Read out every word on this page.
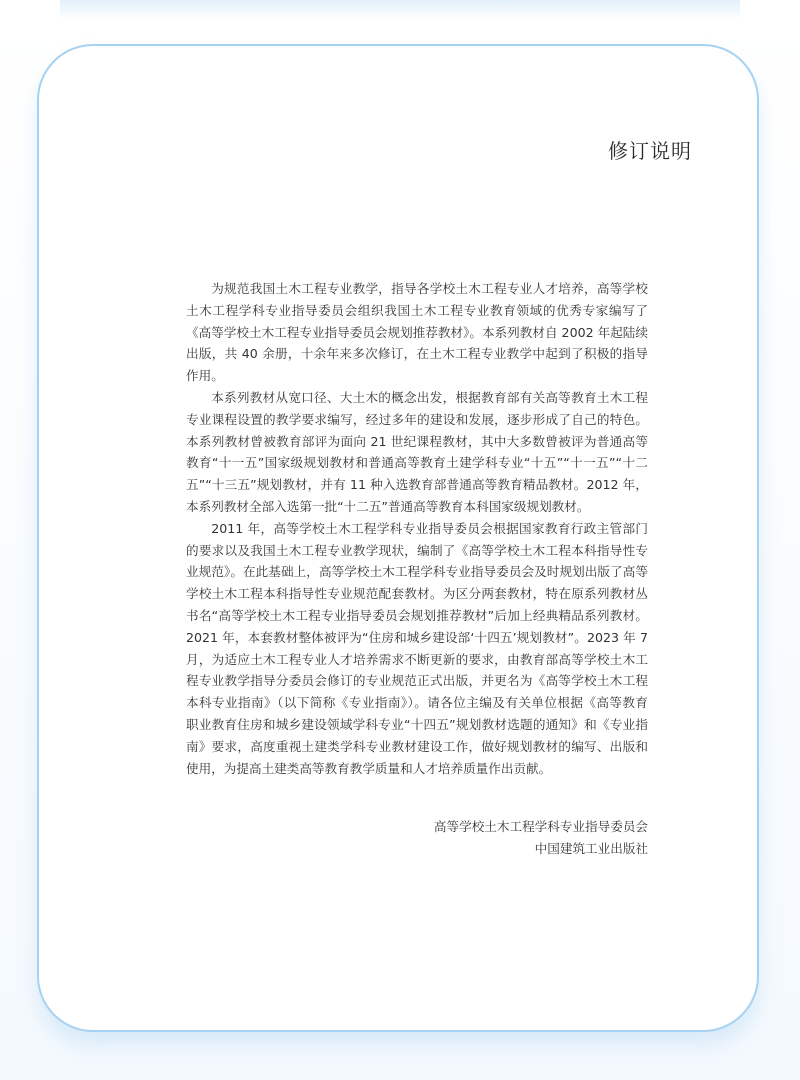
修订说明

为规范我国土木工程专业教学，指导各学校土木工程专业人才培养，高等学校土木工程学科专业指导委员会组织我国土木工程专业教育领域的优秀专家编写了《高等学校土木工程专业指导委员会规划推荐教材》。本系列教材自 2002 年起陆续出版，共 40 余册，十余年来多次修订，在土木工程专业教学中起到了积极的指导作用。

本系列教材从宽口径、大土木的概念出发，根据教育部有关高等教育土木工程专业课程设置的教学要求编写，经过多年的建设和发展，逐步形成了自己的特色。本系列教材曾被教育部评为面向 21 世纪课程教材，其中大多数曾被评为普通高等教育“十一五”国家级规划教材和普通高等教育土建学科专业“十五”“十一五”“十二五”“十三五”规划教材，并有 11 种入选教育部普通高等教育精品教材。2012 年，本系列教材全部入选第一批“十二五”普通高等教育本科国家级规划教材。

2011 年，高等学校土木工程学科专业指导委员会根据国家教育行政主管部门的要求以及我国土木工程专业教学现状，编制了《高等学校土木工程本科指导性专业规范》。在此基础上，高等学校土木工程学科专业指导委员会及时规划出版了高等学校土木工程本科指导性专业规范配套教材。为区分两套教材，特在原系列教材丛书名“高等学校土木工程专业指导委员会规划推荐教材”后加上经典精品系列教材。2021 年，本套教材整体被评为“住房和城乡建设部‘十四五’规划教材”。2023 年 7 月，为适应土木工程专业人才培养需求不断更新的要求，由教育部高等学校土木工程专业教学指导分委员会修订的专业规范正式出版，并更名为《高等学校土木工程本科专业指南》（以下简称《专业指南》）。请各位主编及有关单位根据《高等教育 职业教育住房和城乡建设领域学科专业“十四五”规划教材选题的通知》和《专业指南》要求，高度重视土建类学科专业教材建设工作，做好规划教材的编写、出版和使用，为提高土建类高等教育教学质量和人才培养质量作出贡献。

高等学校土木工程学科专业指导委员会
中国建筑工业出版社
